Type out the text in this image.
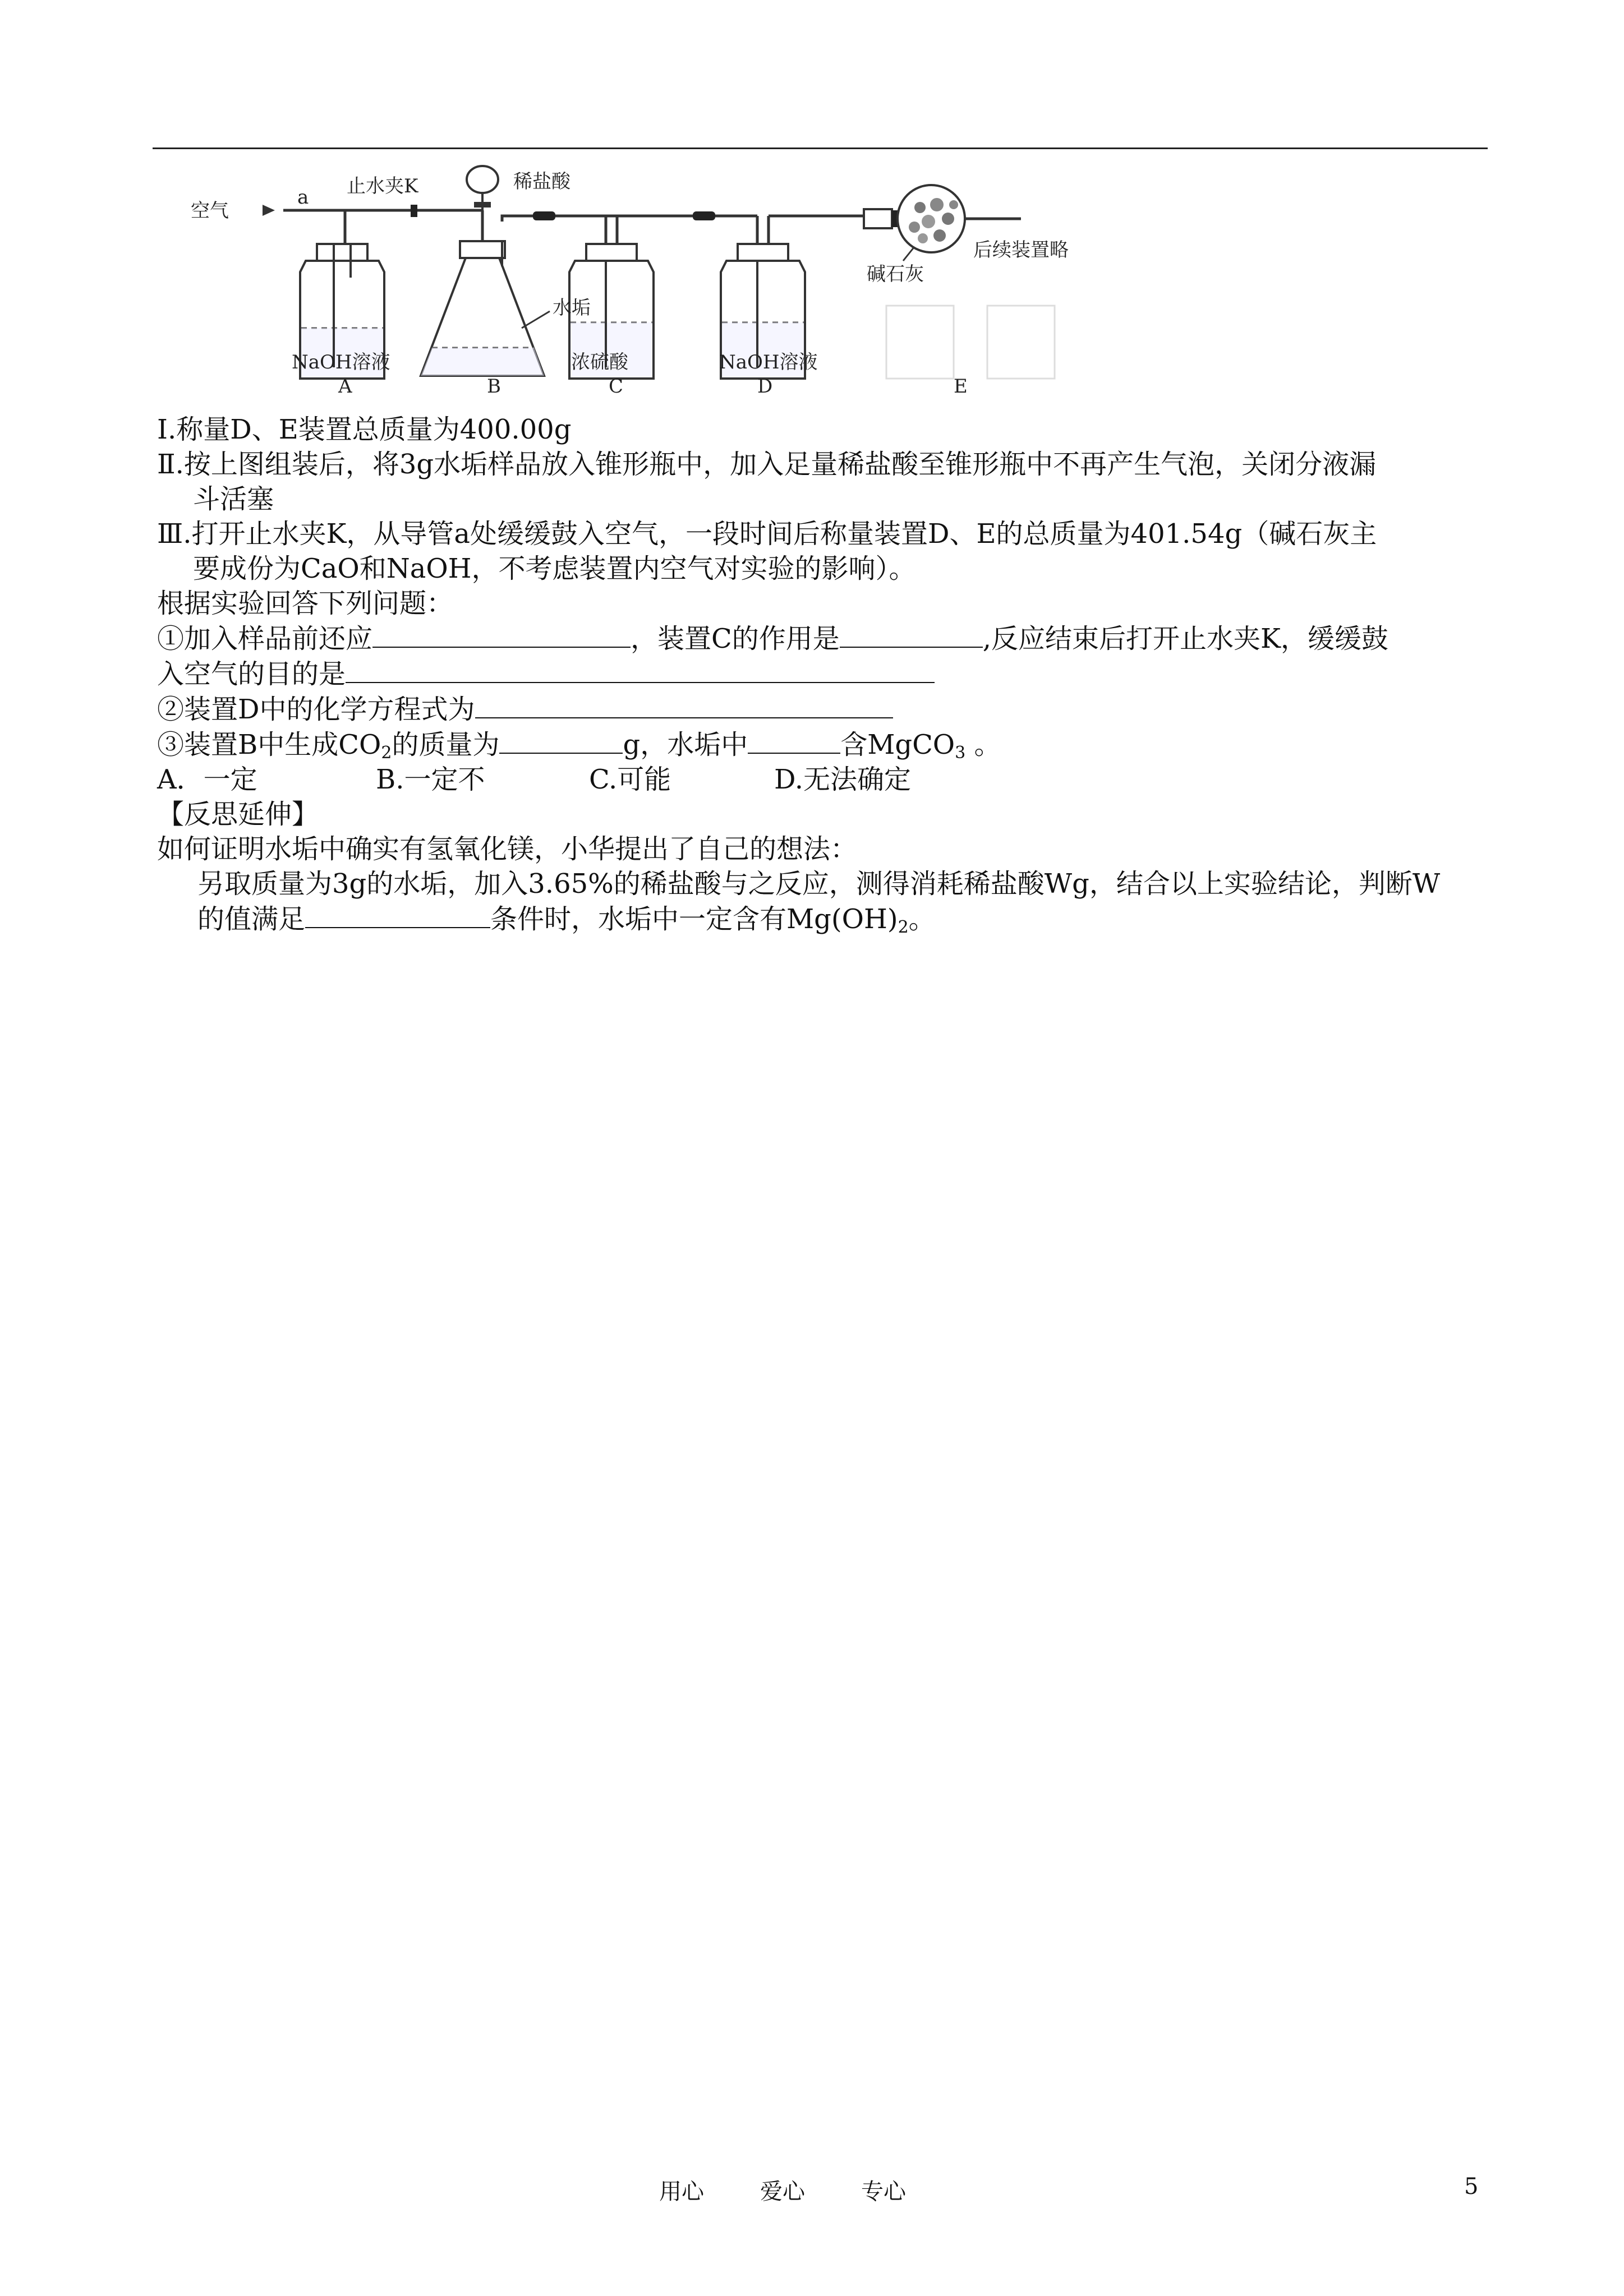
空气
a 止水夹K	稀盐酸
水垢
碱石灰
后续装置略
NaOH溶液	浓硫酸	NaOH溶液
A	B	C	D	E
Ⅰ.称量D、E装置总质量为400.00g
Ⅱ.按上图组装后，将3g水垢样品放入锥形瓶中，加入足量稀盐酸至锥形瓶中不再产生气泡，关闭分液漏
斗活塞
Ⅲ.打开止水夹K，从导管a处缓缓鼓入空气，一段时间后称量装置D、E的总质量为401.54g（碱石灰主
要成份为CaO和NaOH，不考虑装置内空气对实验的影响）。
根据实验回答下列问题：
①加入样品前还应	，装置C的作用是	,反应结束后打开止水夹K，缓缓鼓
入空气的目的是
②装置D中的化学方程式为
③装置B中生成$CO_2$的质量为	g，水垢中	含MgCO$_3$ 。
A．一定	B.一定不	C.可能	D.无法确定
【反思延伸】
如何证明水垢中确实有氢氧化镁，小华提出了自己的想法：
另取质量为3g的水垢，加入3.65%的稀盐酸与之反应，测得消耗稀盐酸Wg，结合以上实验结论，判断W
的值满足	条件时，水垢中一定含有$Mg(OH)_2$。
用心	爱心	专心	5
